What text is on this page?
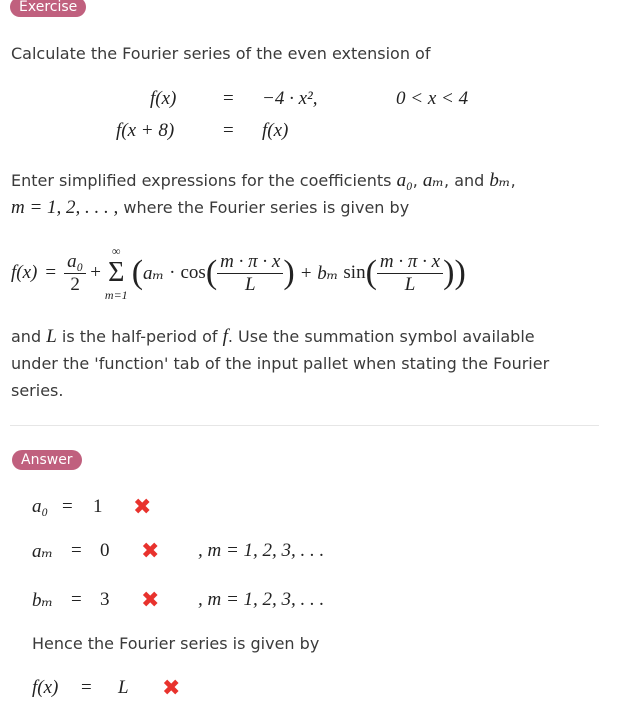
Exercise
Calculate the Fourier series of the even extension of
f(x) = −4 · x²,	0 < x < 4
f(x + 8)	= f(x)
Enter simplified expressions for the coefficients a₀, aₘ, and bₘ,
m = 1, 2, . . . , where the Fourier series is given by
$f(x) = \frac{\text{a₀}}{2}$ +
∞
Σ
m=1
( aₘ · cos ( $\frac{m \cdot \pi \cdot x}{L}$ ) + bₘ sin ( $\frac{m \cdot \pi \cdot x}{L}$ ) )
and L is the half-period of f. Use the summation symbol available
under the 'function' tab of the input pallet when stating the Fourier
series.
Answer
a₀ = 1 ✖
aₘ = 0 ✖ , m = 1, 2, 3, . . .
bₘ = 3 ✖ , m = 1, 2, 3, . . .
Hence the Fourier series is given by
f(x) = L ✖
